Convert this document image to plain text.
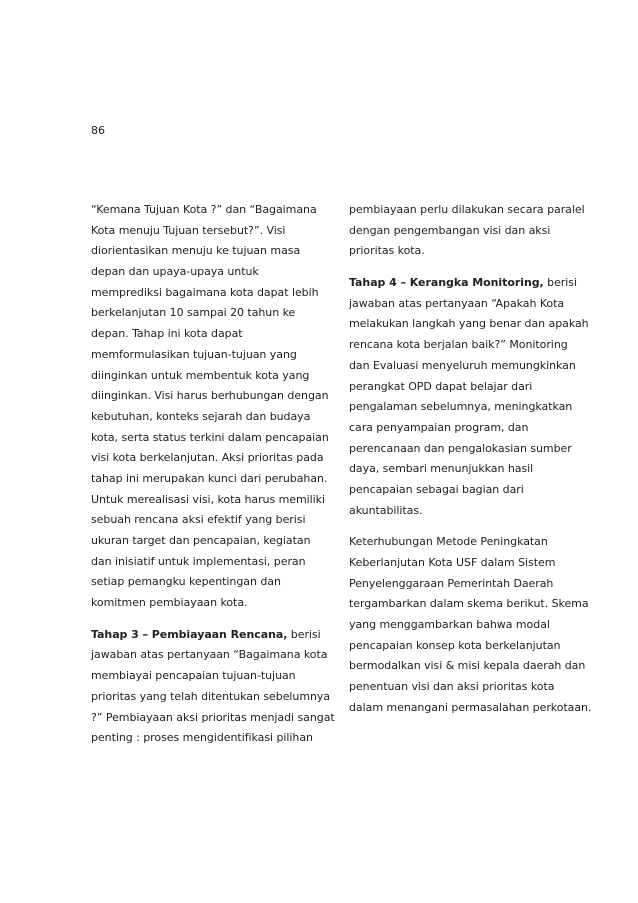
86
“Kemana Tujuan Kota ?” dan “Bagaimana
Kota menuju Tujuan tersebut?”. Visi
diorientasikan menuju ke tujuan masa
depan dan upaya-upaya untuk
memprediksi bagaimana kota dapat lebih
berkelanjutan 10 sampai 20 tahun ke
depan. Tahap ini kota dapat
memformulasikan tujuan-tujuan yang
diinginkan untuk membentuk kota yang
diinginkan. Visi harus berhubungan dengan
kebutuhan, konteks sejarah dan budaya
kota, serta status terkini dalam pencapaian
visi kota berkelanjutan. Aksi prioritas pada
tahap ini merupakan kunci dari perubahan.
Untuk merealisasi visi, kota harus memiliki
sebuah rencana aksi efektif yang berisi
ukuran target dan pencapaian, kegiatan
dan inisiatif untuk implementasi, peran
setiap pemangku kepentingan dan
komitmen pembiayaan kota.
Tahap 3 – Pembiayaan Rencana, berisi
jawaban atas pertanyaan “Bagaimana kota
membiayai pencapaian tujuan-tujuan
prioritas yang telah ditentukan sebelumnya
?” Pembiayaan aksi prioritas menjadi sangat
penting : proses mengidentifikasi pilihan
pembiayaan perlu dilakukan secara paralel
dengan pengembangan visi dan aksi
prioritas kota.
Tahap 4 – Kerangka Monitoring, berisi
jawaban atas pertanyaan “Apakah Kota
melakukan langkah yang benar dan apakah
rencana kota berjalan baik?” Monitoring
dan Evaluasi menyeluruh memungkinkan
perangkat OPD dapat belajar dari
pengalaman sebelumnya, meningkatkan
cara penyampaian program, dan
perencanaan dan pengalokasian sumber
daya, sembari menunjukkan hasil
pencapaian sebagai bagian dari
akuntabilitas.
Keterhubungan Metode Peningkatan
Keberlanjutan Kota USF dalam Sistem
Penyelenggaraan Pemerintah Daerah
tergambarkan dalam skema berikut. Skema
yang menggambarkan bahwa modal
pencapaian konsep kota berkelanjutan
bermodalkan visi & misi kepala daerah dan
penentuan visi dan aksi prioritas kota
dalam menangani permasalahan perkotaan.
